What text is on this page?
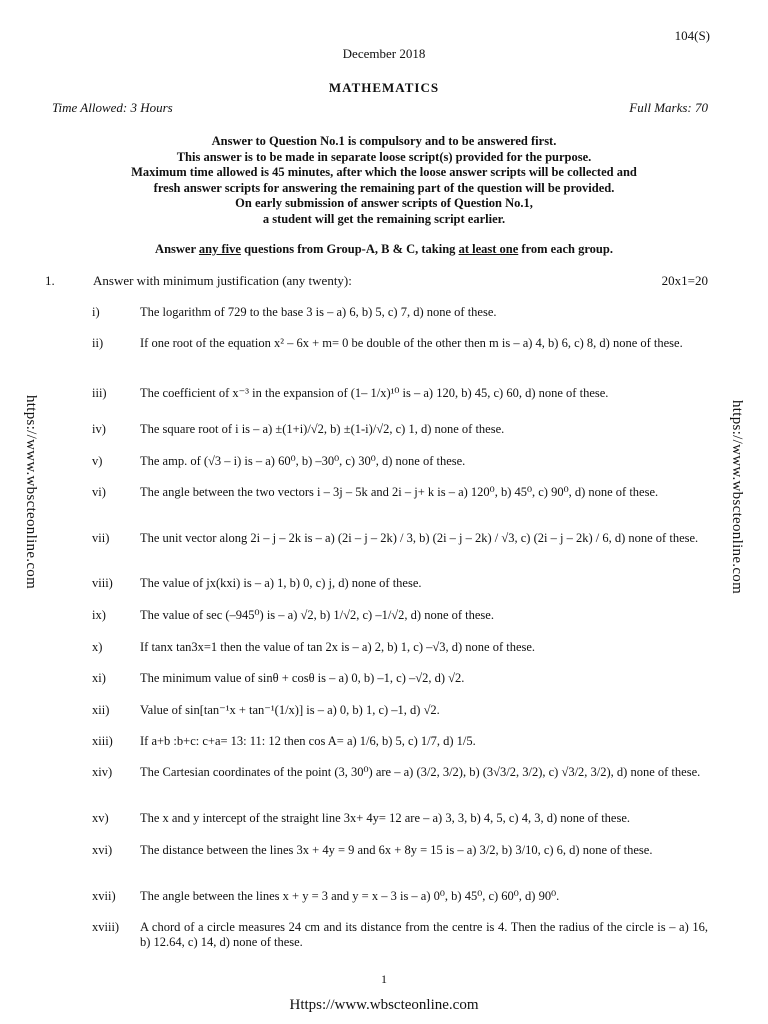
104(S)
December 2018
MATHEMATICS
Time Allowed: 3 Hours	Full Marks: 70
Answer to Question No.1 is compulsory and to be answered first.
This answer is to be made in separate loose script(s) provided for the purpose.
Maximum time allowed is 45 minutes, after which the loose answer scripts will be collected and
fresh answer scripts for answering the remaining part of the question will be provided.
On early submission of answer scripts of Question No.1,
a student will get the remaining script earlier.
Answer any five questions from Group-A, B & C, taking at least one from each group.
1.	Answer with minimum justification (any twenty):	20x1=20
i)	The logarithm of 729 to the base 3 is – a) 6, b) 5, c) 7, d) none of these.
ii)	If one root of the equation x² – 6x + m= 0 be double of the other then m is – a) 4, b) 6, c) 8, d) none of these.
iii)	The coefficient of x⁻³ in the expansion of (1– 1/x)¹⁰ is – a) 120, b) 45, c) 60, d) none of these.
iv)	The square root of i is – a) ±(1+i)/√2, b) ±(1-i)/√2, c) 1, d) none of these.
v)	The amp. of (√3 – i) is – a) 60⁰, b) –30⁰, c) 30⁰, d) none of these.
vi)	The angle between the two vectors i – 3j – 5k and 2i – j+ k is – a) 120⁰, b) 45⁰, c) 90⁰, d) none of these.
vii) The unit vector along 2i – j – 2k is – a) (2i – j – 2k) / 3, b) (2i – j – 2k) / √3, c) (2i – j – 2k) / 6, d) none of these.
viii) The value of jx(kxi) is – a) 1, b) 0, c) j, d) none of these.
ix)	The value of sec (–945⁰) is – a) √2, b) 1/√2, c) –1/√2, d) none of these.
x)	If tanx tan3x=1 then the value of tan 2x is – a) 2, b) 1, c) –√3, d) none of these.
xi)	The minimum value of sinθ + cosθ is – a) 0, b) –1, c) –√2, d) √2.
xii) Value of sin[tan⁻¹x + tan⁻¹(1/x)] is – a) 0, b) 1, c) –1, d) √2.
xiii) If a+b :b+c: c+a= 13: 11: 12 then cos A= a) 1/6, b) 5, c) 1/7, d) 1/5.
xiv) The Cartesian coordinates of the point (3, 30⁰) are – a) (3/2, 3/2), b) (3√3/2, 3/2), c) √3/2, 3/2), d) none of these.
xv)	The x and y intercept of the straight line 3x+ 4y= 12 are – a) 3, 3, b) 4, 5, c) 4, 3, d) none of these.
xvi) The distance between the lines 3x + 4y = 9 and 6x + 8y = 15 is – a) 3/2, b) 3/10, c) 6, d) none of these.
xvii) The angle between the lines x + y = 3 and y = x – 3 is – a) 0⁰, b) 45⁰, c) 60⁰, d) 90⁰.
xviii) A chord of a circle measures 24 cm and its distance from the centre is 4. Then the radius of the circle is – a) 16, b) 12.64, c) 14, d) none of these.
https://www.wbscteonline.com	https://www.wbscteonline.com
1
Https://www.wbscteonline.com
